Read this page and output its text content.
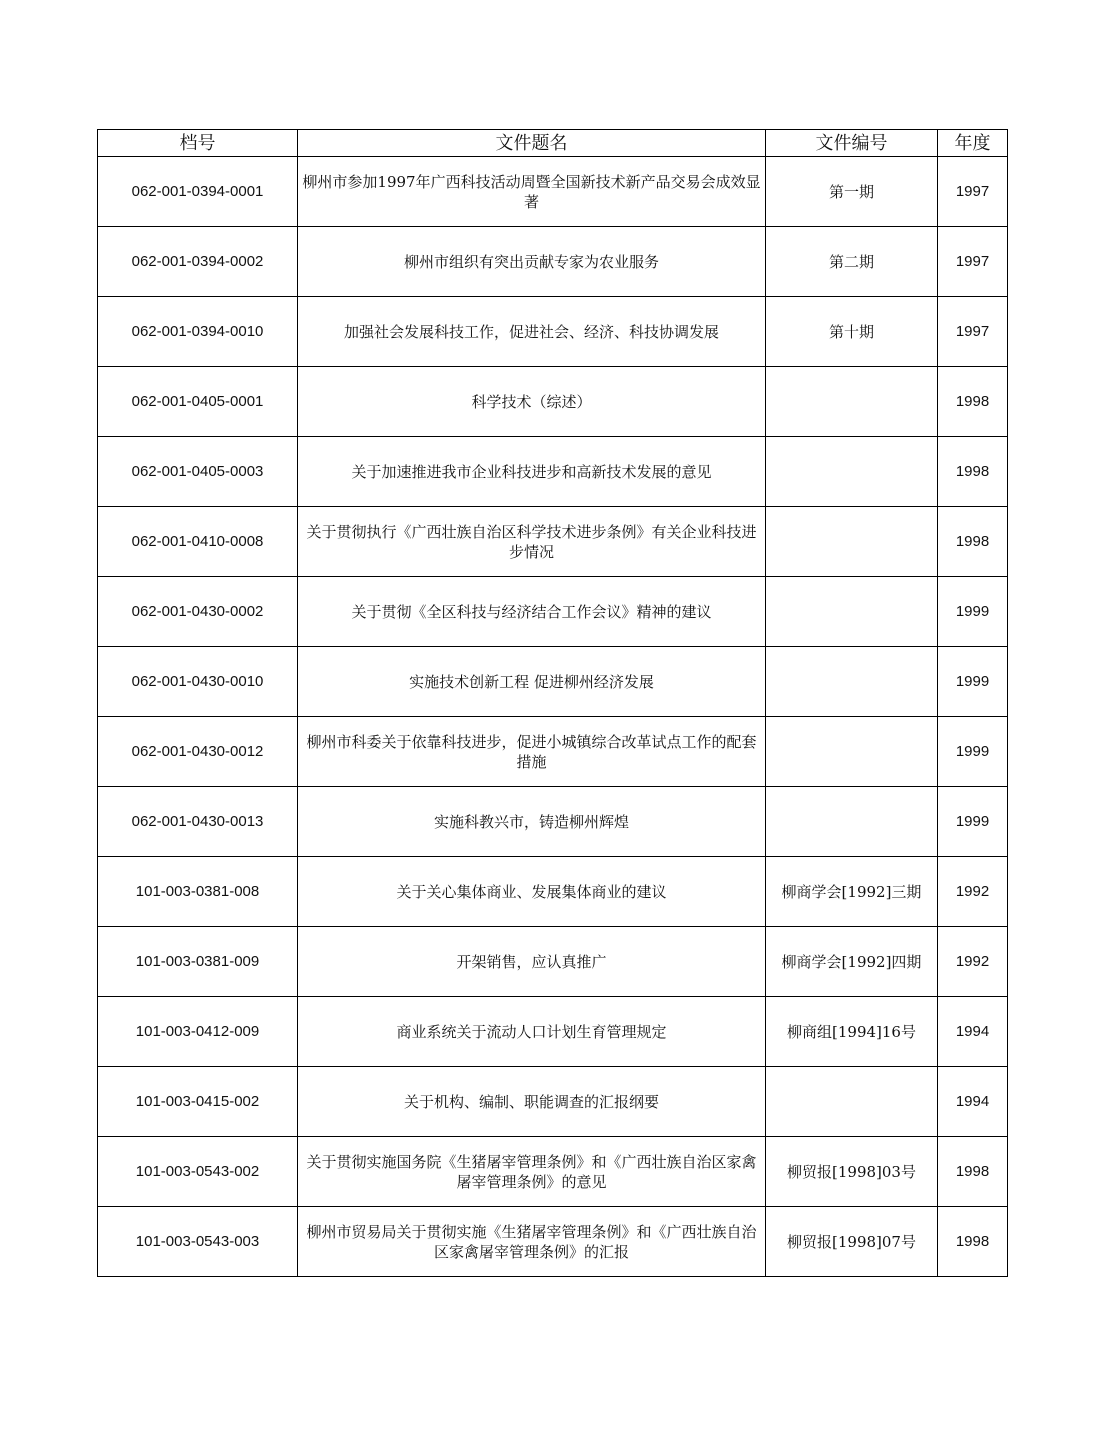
档号	文件题名	文件编号	年度
062-001-0394-0001	柳州市参加1997年广西科技活动周暨全国新技术新产品交易会成效显著	第一期	1997
062-001-0394-0002	柳州市组织有突出贡献专家为农业服务	第二期	1997
062-001-0394-0010	加强社会发展科技工作，促进社会、经济、科技协调发展	第十期	1997
062-001-0405-0001	科学技术（综述）		1998
062-001-0405-0003	关于加速推进我市企业科技进步和高新技术发展的意见		1998
062-001-0410-0008	关于贯彻执行《广西壮族自治区科学技术进步条例》有关企业科技进步情况		1998
062-001-0430-0002	关于贯彻《全区科技与经济结合工作会议》精神的建议		1999
062-001-0430-0010	实施技术创新工程 促进柳州经济发展		1999
062-001-0430-0012	柳州市科委关于依靠科技进步，促进小城镇综合改革试点工作的配套措施		1999
062-001-0430-0013	实施科教兴市，铸造柳州辉煌		1999
101-003-0381-008	关于关心集体商业、发展集体商业的建议	柳商学会[1992]三期	1992
101-003-0381-009	开架销售，应认真推广	柳商学会[1992]四期	1992
101-003-0412-009	商业系统关于流动人口计划生育管理规定	柳商组[1994]16号	1994
101-003-0415-002	关于机构、编制、职能调查的汇报纲要		1994
101-003-0543-002	关于贯彻实施国务院《生猪屠宰管理条例》和《广西壮族自治区家禽屠宰管理条例》的意见	柳贸报[1998]03号	1998
101-003-0543-003	柳州市贸易局关于贯彻实施《生猪屠宰管理条例》和《广西壮族自治区家禽屠宰管理条例》的汇报	柳贸报[1998]07号	1998
